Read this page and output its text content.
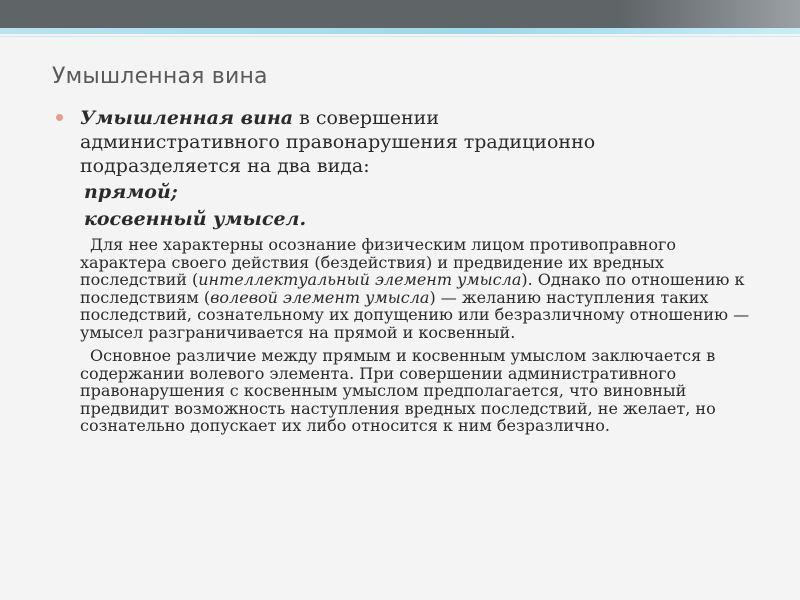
Умышленная вина

Умышленная вина в совершении
административного правонарушения традиционно
подразделяется на два вида:

прямой;
косвенный умысел.

Для нее характерны осознание физическим лицом противоправного характера своего действия (бездействия) и предвидение их вредных последствий (интеллектуальный элемент умысла). Однако по отношению к последствиям (волевой элемент умысла) — желанию наступления таких последствий, сознательному их допущению или безразличному отношению — умысел разграничивается на прямой и косвенный.

Основное различие между прямым и косвенным умыслом заключается в содержании волевого элемента. При совершении административного правонарушения с косвенным умыслом предполагается, что виновный предвидит возможность наступления вредных последствий, не желает, но сознательно допускает их либо относится к ним безразлично.
